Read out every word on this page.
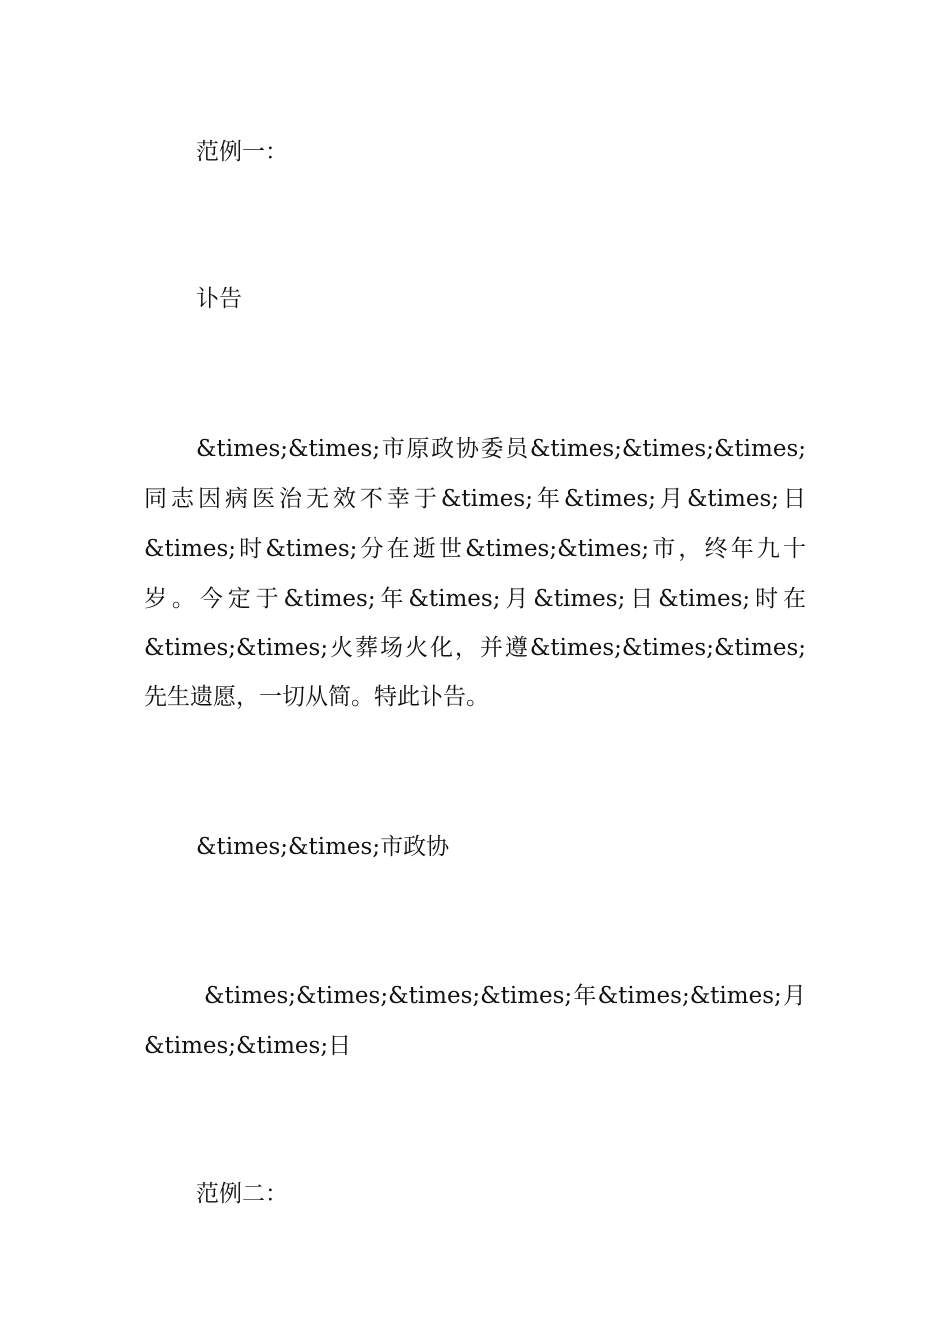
范例一：
讣告
&times;&times;市原政协委员&times;&times;&times;
同志因病医治无效不幸于&times;年&times;月&times;日
&times;时&times;分在逝世&times;&times;市，终年九十
岁。今定于&times;年&times;月&times;日&times;时在
&times;&times;火葬场火化，并遵&times;&times;&times;
先生遗愿，一切从简。特此讣告。
&times;&times;市政协
&times;&times;&times;&times;年&times;&times;月
&times;&times;日
范例二：
